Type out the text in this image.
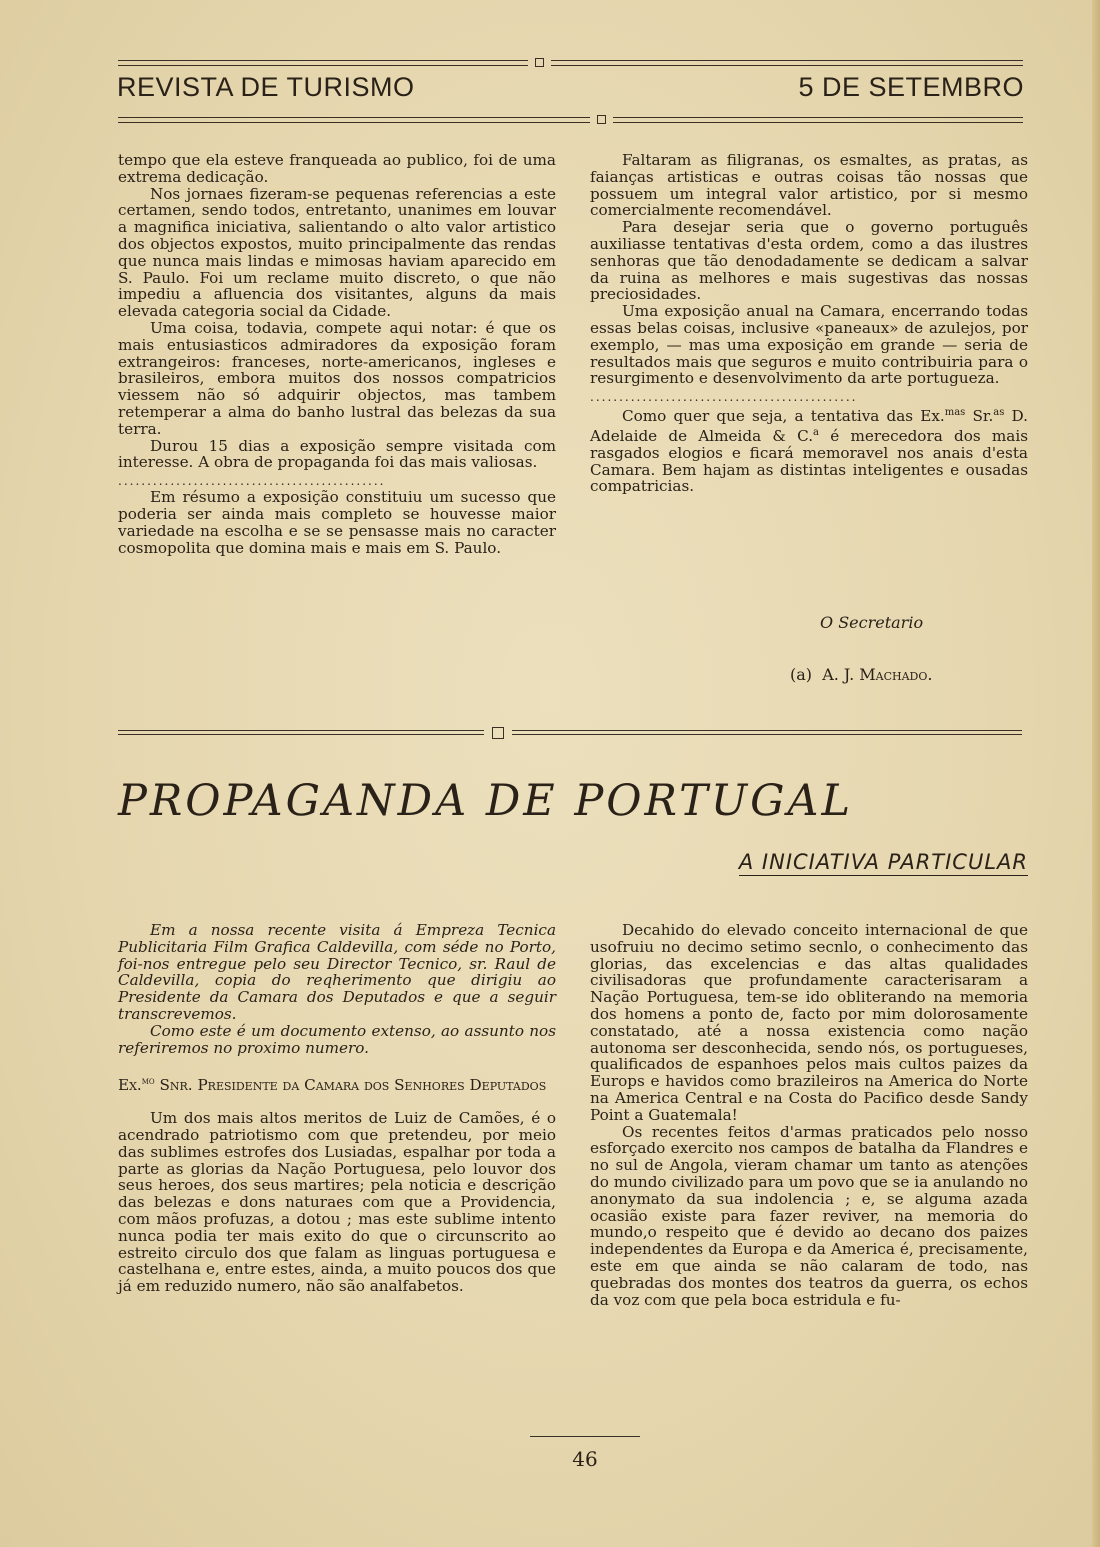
REVISTA DE TURISMO	5 DE SETEMBRO

tempo que ela esteve franqueada ao publico, foi de uma extrema dedicação.

Nos jornaes fizeram-se pequenas referencias a este certamen, sendo todos, entretanto, unanimes em louvar a magnifica iniciativa, salientando o alto valor artistico dos objectos expostos, muito principalmente das rendas que nunca mais lindas e mimosas haviam aparecido em S. Paulo. Foi um reclame muito discreto, o que não impediu a afluencia dos visitantes, alguns da mais elevada categoria social da Cidade.

Uma coisa, todavia, compete aqui notar: é que os mais entusiasticos admiradores da exposição foram extrangeiros: franceses, norte-americanos, ingleses e brasileiros, embora muitos dos nossos compatricios viessem não só adquirir objectos, mas tambem retemperar a alma do banho lustral das belezas da sua terra.

Durou 15 dias a exposição sempre visitada com interesse. A obra de propaganda foi das mais valiosas.

..............................................

Em résumo a exposição constituiu um sucesso que poderia ser ainda mais completo se houvesse maior variedade na escolha e se se pensasse mais no caracter cosmopolita que domina mais e mais em S. Paulo.

Faltaram as filigranas, os esmaltes, as pratas, as faianças artisticas e outras coisas tão nossas que possuem um integral valor artistico, por si mesmo comercialmente recomendável.

Para desejar seria que o governo português auxiliasse tentativas d'esta ordem, como a das ilustres senhoras que tão denodadamente se dedicam a salvar da ruina as melhores e mais sugestivas das nossas preciosidades.

Uma exposição anual na Camara, encerrando todas essas belas coisas, inclusive «paneaux» de azulejos, por exemplo, — mas uma exposição em grande — seria de resultados mais que seguros e muito contribuiria para o resurgimento e desenvolvimento da arte portugueza.

..............................................

Como quer que seja, a tentativa das Ex.$^{mas}$ Sr.$^{as}$ D. Adelaide de Almeida & C.$^a$ é merecedora dos mais rasgados elogios e ficará memoravel nos anais d'esta Camara. Bem hajam as distintas inteligentes e ousadas compatricias.

O Secretario
(a) A. J. Machado.
PROPAGANDA DE PORTUGAL
A INICIATIVA PARTICULAR

Em a nossa recente visita á Empreza Tecnica Publicitaria Film Grafica Caldevilla, com séde no Porto, foi-nos entregue pelo seu Director Tecnico, sr. Raul de Caldevilla, copia do reqherimento que dirigiu ao Presidente da Camara dos Deputados e que a seguir transcrevemos.

Como este é um documento extenso, ao assunto nos referiremos no proximo numero.

Ex.$^{mo}$ Snr. Presidente da Camara dos Senhores Deputados

Um dos mais altos meritos de Luiz de Camões, é o acendrado patriotismo com que pretendeu, por meio das sublimes estrofes dos Lusiadas, espalhar por toda a parte as glorias da Nação Portuguesa, pelo louvor dos seus heroes, dos seus martires; pela noticia e descrição das belezas e dons naturaes com que a Providencia, com mãos profuzas, a dotou ; mas este sublime intento nunca podia ter mais exito do que o circunscrito ao estreito circulo dos que falam as linguas portuguesa e castelhana e, entre estes, ainda, a muito poucos dos que já em reduzido numero, não são analfabetos.

Decahido do elevado conceito internacional de que usofruiu no decimo setimo secnlo, o conhecimento das glorias, das excelencias e das altas qualidades civilisadoras que profundamente caracterisaram a Nação Portuguesa, tem-se ido obliterando na memoria dos homens a ponto de, facto por mim dolorosamente constatado, até a nossa existencia como nação autonoma ser desconhecida, sendo nós, os portugueses, qualificados de espanhoes pelos mais cultos paizes da Europs e havidos como brazileiros na America do Norte na America Central e na Costa do Pacifico desde Sandy Point a Guatemala!

Os recentes feitos d'armas praticados pelo nosso esforçado exercito nos campos de batalha da Flandres e no sul de Angola, vieram chamar um tanto as atenções do mundo civilizado para um povo que se ia anulando no anonymato da sua indolencia ; e, se alguma azada ocasião existe para fazer reviver, na memoria do mundo,o respeito que é devido ao decano dos paizes independentes da Europa e da America é, precisamente, este em que ainda se não calaram de todo, nas quebradas dos montes dos teatros da guerra, os echos da voz com que pela boca estridula e fu-

46
